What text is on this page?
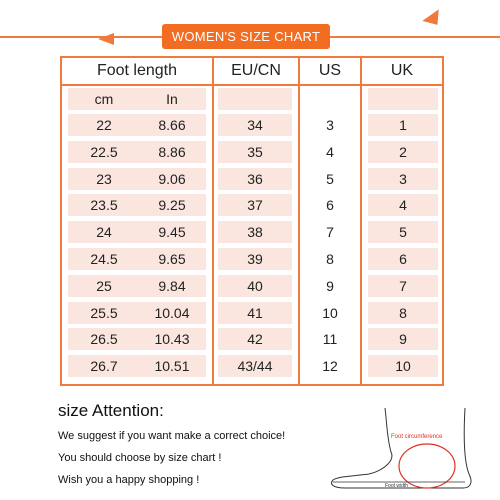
WOMEN'S SIZE CHART
Foot length	EU/CN	US	UK
cm	In
22	8.66	34	3	1
22.5	8.86	35	4	2
23	9.06	36	5	3
23.5	9.25	37	6	4
24	9.45	38	7	5
24.5	9.65	39	8	6
25	9.84	40	9	7
25.5	10.04	41	10	8
26.5	10.43	42	11	9
26.7	10.51	43/44	12	10
size Attention:
We suggest if you want make a correct choice!
You should choose by size chart !
Wish you a happy shopping !
Foot circumference
Foot width
